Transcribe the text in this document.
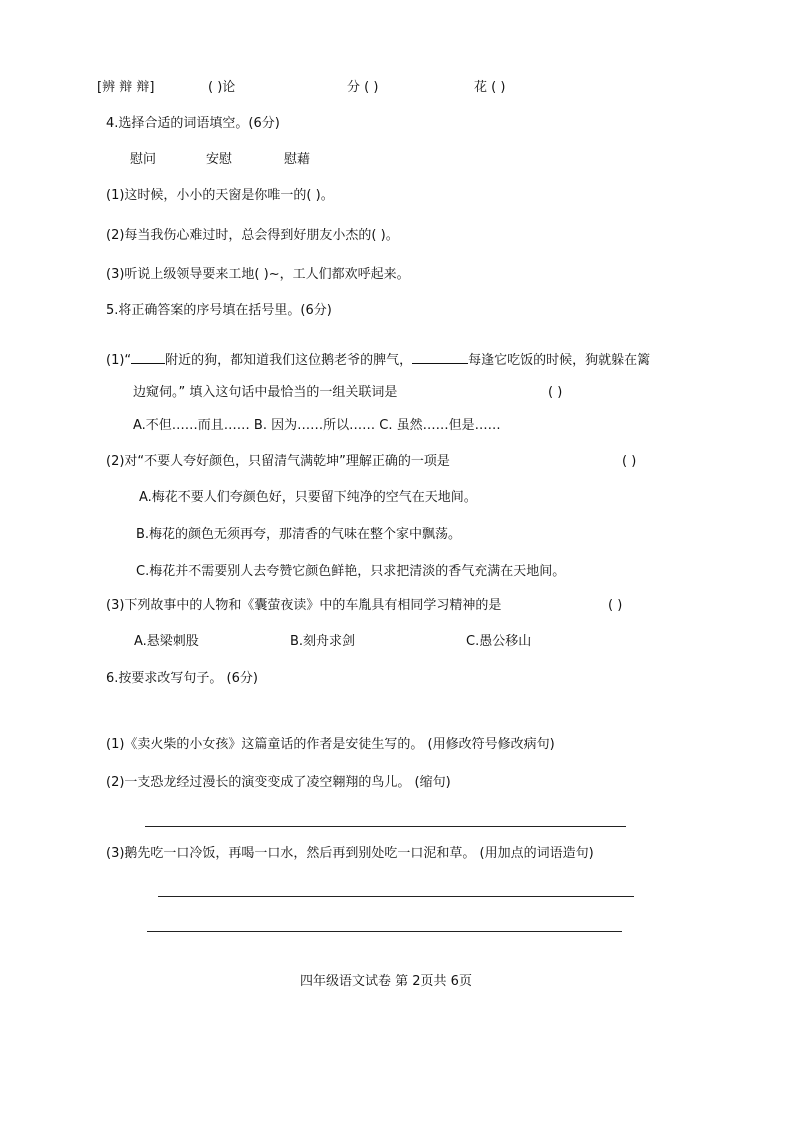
[辨 辩 辩]	( )论	分 ( )	花 ( )
4.选择合适的词语填空。(6分)
慰问	安慰	慰藉
(1)这时候，小小的天窗是你唯一的( )。
(2)每当我伤心难过时，总会得到好朋友小杰的( )。
(3)听说上级领导要来工地( )~，工人们都欢呼起来。
5.将正确答案的序号填在括号里。(6分)
(1)“	附近的狗，都知道我们这位鹅老爷的脾气，	每逢它吃饭的时候，狗就躲在篱
边窥伺。” 填入这句话中最恰当的一组关联词是	( )
A.不但……而且…… B. 因为……所以…… C. 虽然……但是……
(2)对“不要人夸好颜色，只留清气满乾坤”理解正确的一项是	( )
A.梅花不要人们夸颜色好，只要留下纯净的空气在天地间。
B.梅花的颜色无须再夸，那清香的气味在整个家中飘荡。
C.梅花并不需要别人去夸赞它颜色鲜艳，只求把清淡的香气充满在天地间。
(3)下列故事中的人物和《囊萤夜读》中的车胤具有相同学习精神的是	( )
A.悬梁刺股	B.刻舟求剑	C.愚公移山
6.按要求改写句子。 (6分)
(1)《卖火柴的小女孩》这篇童话的作者是安徒生写的。 (用修改符号修改病句)
(2)一支恐龙经过漫长的演变变成了凌空翱翔的鸟儿。 (缩句)
(3)鹅先吃一口冷饭，再喝一口水，然后再到别处吃一口泥和草。 (用加点的词语造句)
四年级语文试卷 第 2页共 6页
